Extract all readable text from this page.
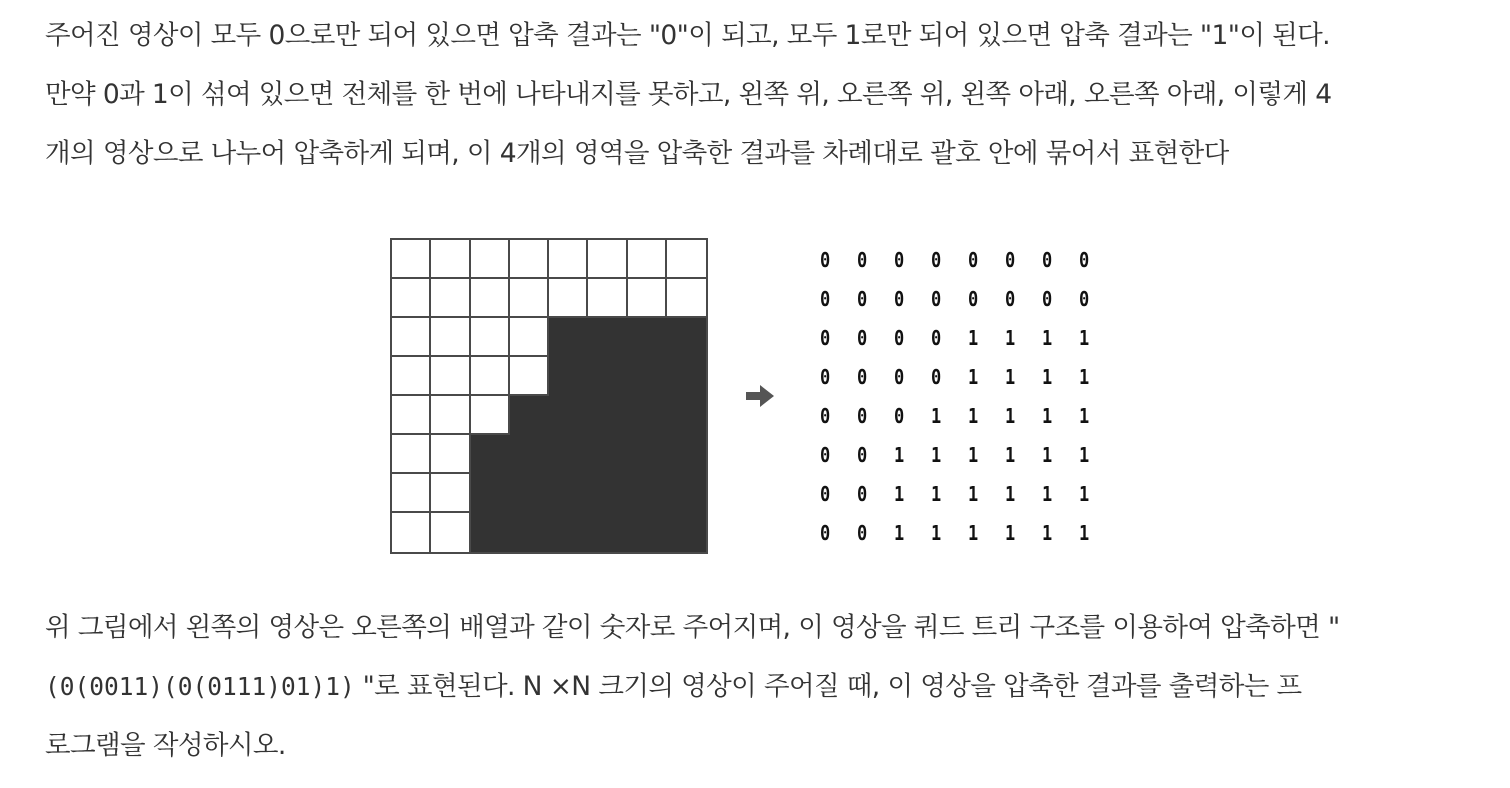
주어진 영상이 모두 0으로만 되어 있으면 압축 결과는 "0"이 되고, 모두 1로만 되어 있으면 압축 결과는 "1"이 된다.
만약 0과 1이 섞여 있으면 전체를 한 번에 나타내지를 못하고, 왼쪽 위, 오른쪽 위, 왼쪽 아래, 오른쪽 아래, 이렇게 4
개의 영상으로 나누어 압축하게 되며, 이 4개의 영역을 압축한 결과를 차례대로 괄호 안에 묶어서 표현한다
0	0	0	0	0	0	0	0
0	0	0	0	0	0	0	0
0	0	0	0	1	1	1	1
0	0	0	0	1	1	1	1
0	0	0	1	1	1	1	1
0	0	1	1	1	1	1	1
0	0	1	1	1	1	1	1
0	0	1	1	1	1	1	1
위 그림에서 왼쪽의 영상은 오른쪽의 배열과 같이 숫자로 주어지며, 이 영상을 쿼드 트리 구조를 이용하여 압축하면 "
(0(0011)(0(0111)01)1) "로 표현된다. N ×N 크기의 영상이 주어질 때, 이 영상을 압축한 결과를 출력하는 프
로그램을 작성하시오.
